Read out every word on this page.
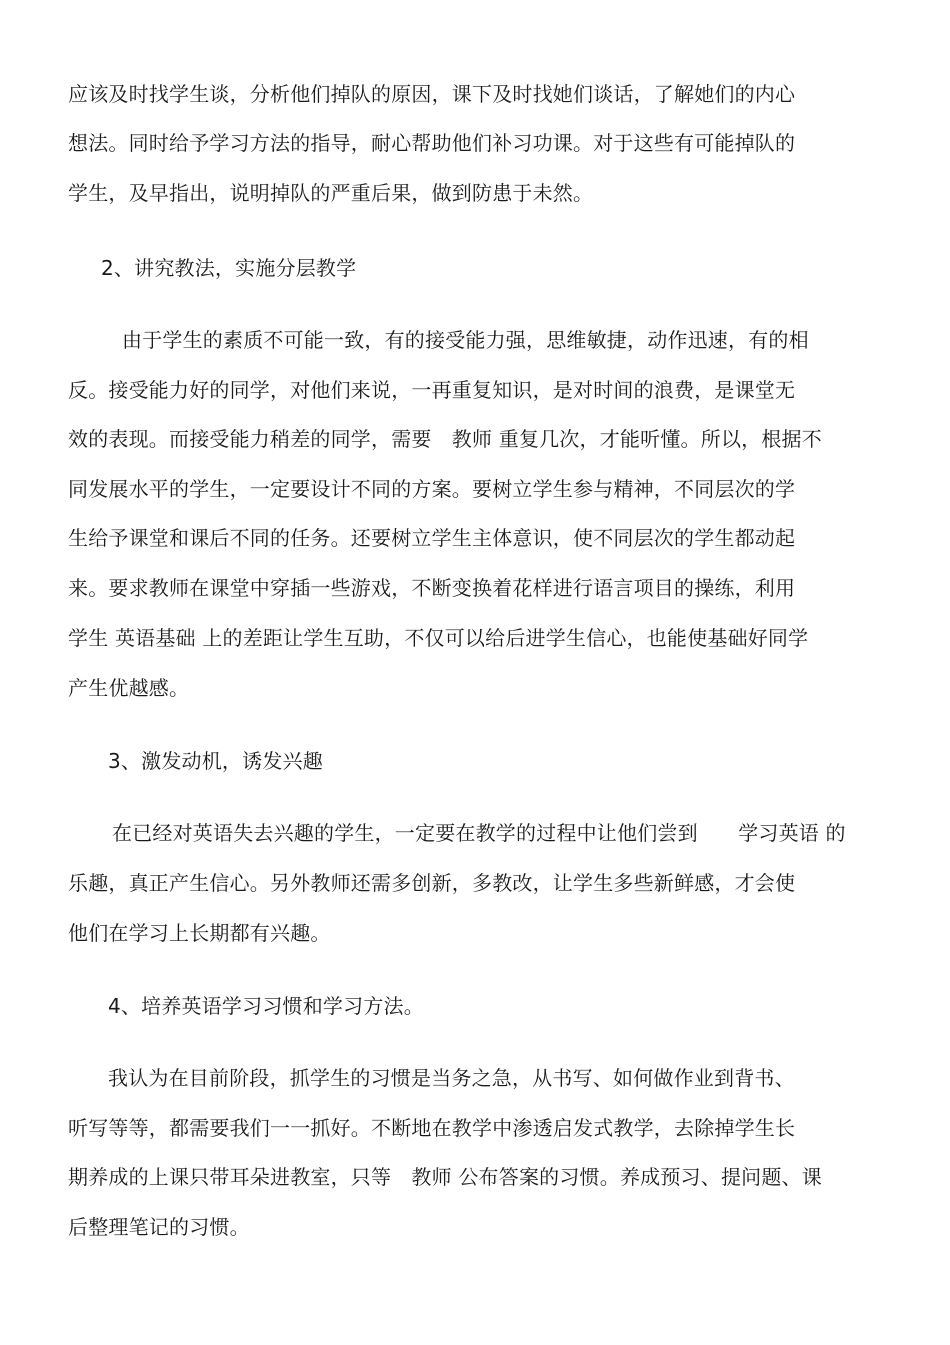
应该及时找学生谈，分析他们掉队的原因，课下及时找她们谈话，了解她们的内心
想法。同时给予学习方法的指导，耐心帮助他们补习功课。对于这些有可能掉队的
学生，及早指出，说明掉队的严重后果，做到防患于未然。
2、讲究教法，实施分层教学
由于学生的素质不可能一致，有的接受能力强，思维敏捷，动作迅速，有的相
反。接受能力好的同学，对他们来说，一再重复知识，是对时间的浪费，是课堂无
效的表现。而接受能力稍差的同学，需要　教师 重复几次，才能听懂。所以，根据不
同发展水平的学生，一定要设计不同的方案。要树立学生参与精神，不同层次的学
生给予课堂和课后不同的任务。还要树立学生主体意识，使不同层次的学生都动起
来。要求教师在课堂中穿插一些游戏，不断变换着花样进行语言项目的操练，利用
学生 英语基础 上的差距让学生互助，不仅可以给后进学生信心，也能使基础好同学
产生优越感。
3、激发动机，诱发兴趣
在已经对英语失去兴趣的学生，一定要在教学的过程中让他们尝到　　学习英语 的
乐趣，真正产生信心。另外教师还需多创新，多教改，让学生多些新鲜感，才会使
他们在学习上长期都有兴趣。
4、培养英语学习习惯和学习方法。
我认为在目前阶段，抓学生的习惯是当务之急，从书写、如何做作业到背书、
听写等等，都需要我们一一抓好。不断地在教学中渗透启发式教学，去除掉学生长
期养成的上课只带耳朵进教室，只等　教师 公布答案的习惯。养成预习、提问题、课
后整理笔记的习惯。
